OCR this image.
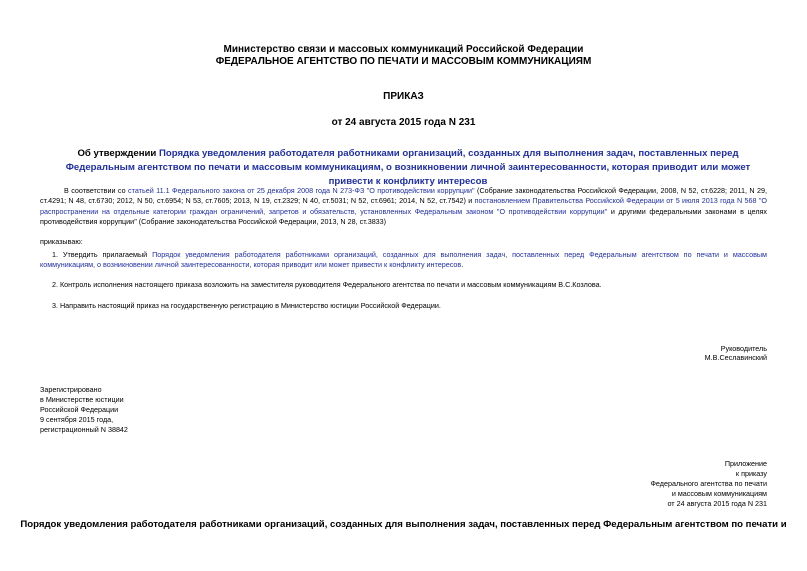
Министерство связи и массовых коммуникаций Российской Федерации
ФЕДЕРАЛЬНОЕ АГЕНТСТВО ПО ПЕЧАТИ И МАССОВЫМ КОММУНИКАЦИЯМ
ПРИКАЗ
от 24 августа 2015 года N 231
Об утверждении Порядка уведомления работодателя работниками организаций, созданных для выполнения задач, поставленных перед Федеральным агентством по печати и массовым коммуникациям, о возникновении личной заинтересованности, которая приводит или может привести к конфликту интересов
В соответствии со статьей 11.1 Федерального закона от 25 декабря 2008 года N 273-ФЗ "О противодействии коррупции" (Собрание законодательства Российской Федерации, 2008, N 52, ст.6228; 2011, N 29, ст.4291; N 48, ст.6730; 2012, N 50, ст.6954; N 53, ст.7605; 2013, N 19, ст.2329; N 40, ст.5031; N 52, ст.6961; 2014, N 52, ст.7542) и постановлением Правительства Российской Федерации от 5 июля 2013 года N 568 "О распространении на отдельные категории граждан ограничений, запретов и обязательств, установленных Федеральным законом "О противодействии коррупции" и другими федеральными законами в целях противодействия коррупции" (Собрание законодательства Российской Федерации, 2013, N 28, ст.3833)
приказываю:
1. Утвердить прилагаемый Порядок уведомления работодателя работниками организаций, созданных для выполнения задач, поставленных перед Федеральным агентством по печати и массовым коммуникациям, о возникновении личной заинтересованности, которая приводит или может привести к конфликту интересов.
2. Контроль исполнения настоящего приказа возложить на заместителя руководителя Федерального агентства по печати и массовым коммуникациям В.С.Козлова.
3. Направить настоящий приказ на государственную регистрацию в Министерство юстиции Российской Федерации.
Руководитель
М.В.Сеславинский
Зарегистрировано
в Министерстве юстиции
Российской Федерации
9 сентября 2015 года,
регистрационный N 38842
Приложение
к приказу
Федерального агентства по печати
и массовым коммуникациям
от 24 августа 2015 года N 231
Порядок уведомления работодателя работниками организаций, созданных для выполнения задач, поставленных перед Федеральным агентством по печати и
